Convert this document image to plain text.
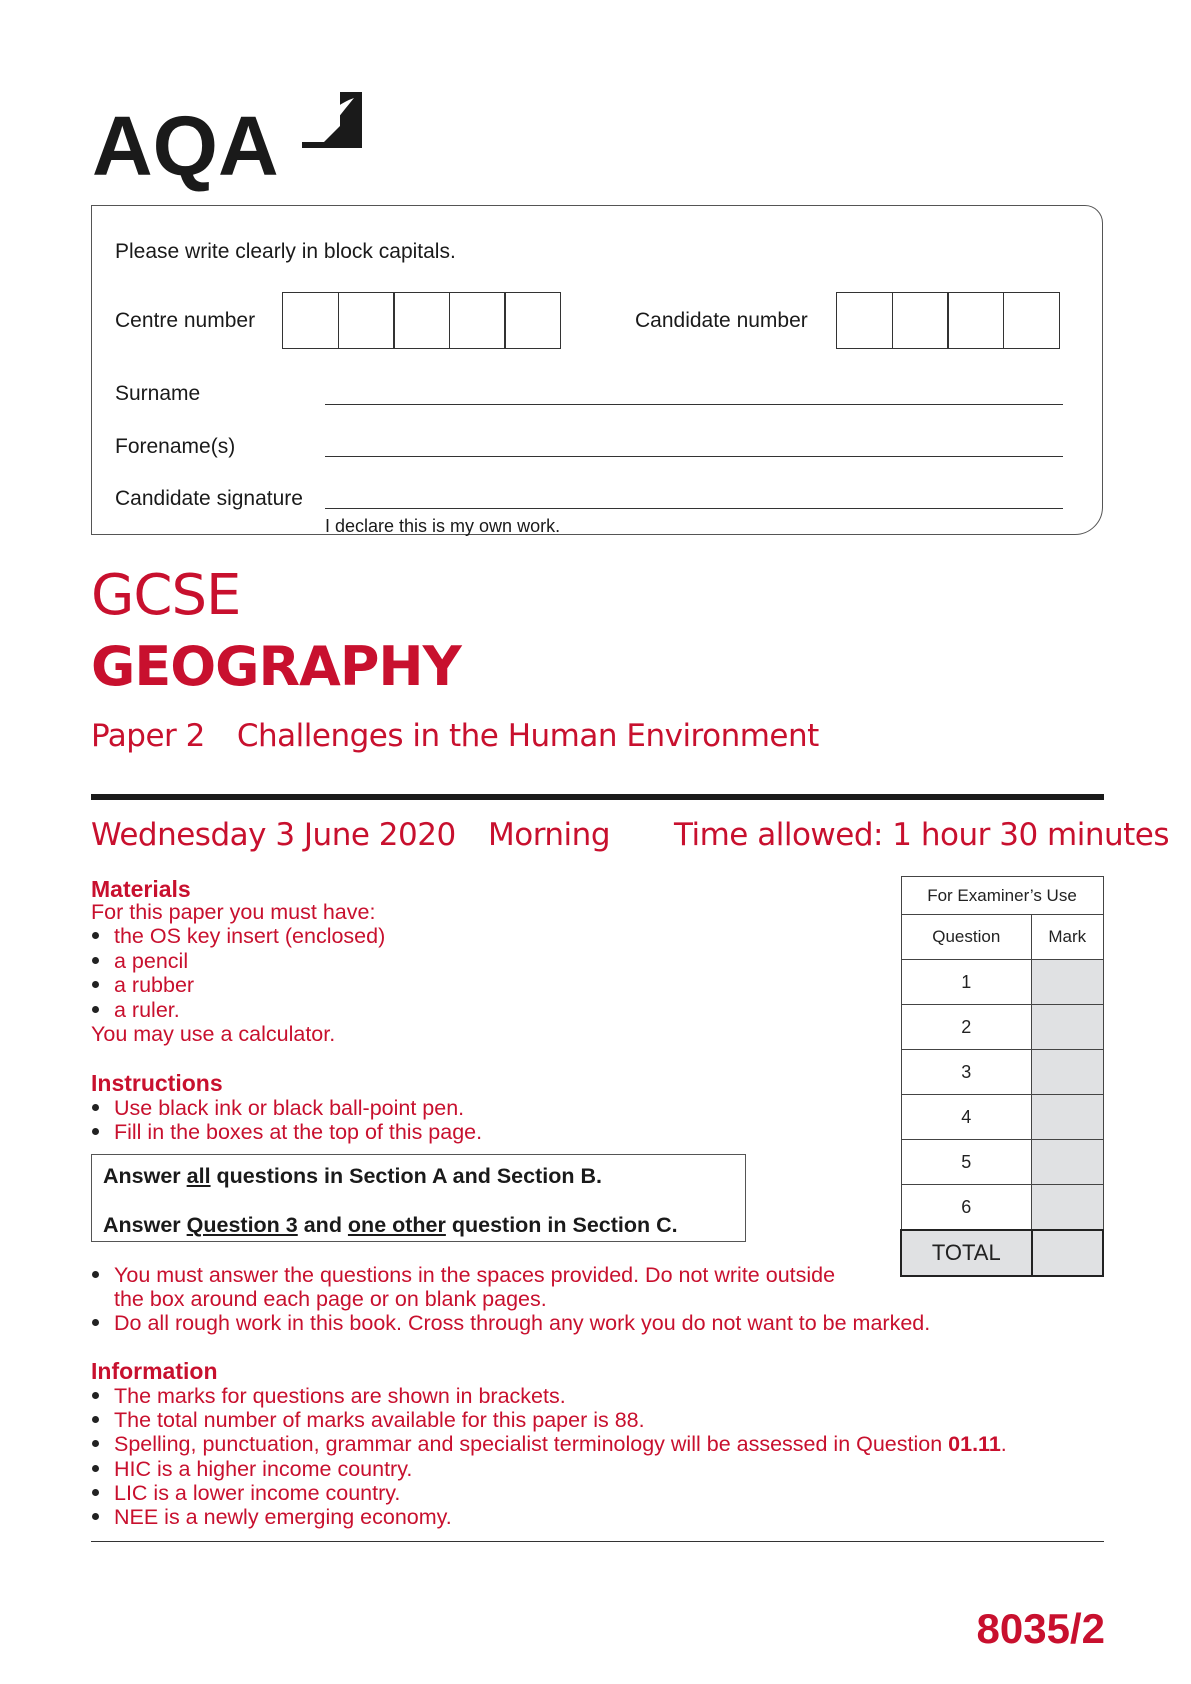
AQA
Please write clearly in block capitals.
Centre number	Candidate number
Surname
Forename(s)
Candidate signature
I declare this is my own work.
GCSE
GEOGRAPHY
Paper 2 Challenges in the Human Environment
Wednesday 3 June 2020 Morning Time allowed: 1 hour 30 minutes
Materials
For this paper you must have:
the OS key insert (enclosed)
a pencil
a rubber
a ruler.
You may use a calculator.
Instructions
Use black ink or black ball-point pen.
Fill in the boxes at the top of this page.
Answer all questions in Section A and Section B.
Answer Question 3 and one other question in Section C.
You must answer the questions in the spaces provided. Do not write outside
the box around each page or on blank pages.
Do all rough work in this book. Cross through any work you do not want to be marked.
Information
The marks for questions are shown in brackets.
The total number of marks available for this paper is 88.
Spelling, punctuation, grammar and specialist terminology will be assessed in Question 01.11.
HIC is a higher income country.
LIC is a lower income country.
NEE is a newly emerging economy.
For Examiner’s Use	
Question	Mark
1	
2	
3	
4	
5	
6	
TOTAL	
8035/2
